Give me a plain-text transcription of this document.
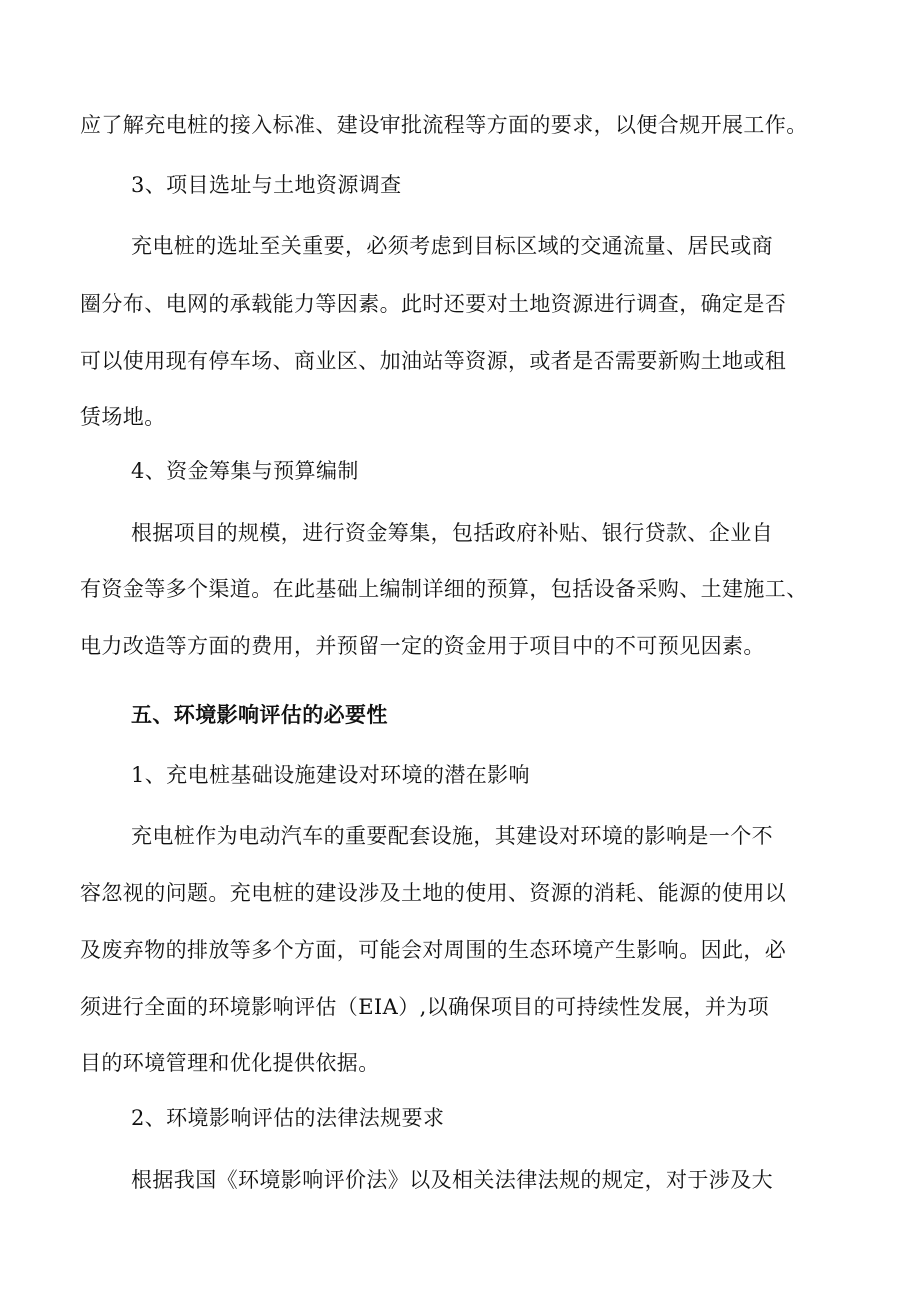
应了解充电桩的接入标准、建设审批流程等方面的要求，以便合规开展工作。
3、项目选址与土地资源调查
充电桩的选址至关重要，必须考虑到目标区域的交通流量、居民或商
圈分布、电网的承载能力等因素。此时还要对土地资源进行调查，确定是否
可以使用现有停车场、商业区、加油站等资源，或者是否需要新购土地或租
赁场地。
4、资金筹集与预算编制
根据项目的规模，进行资金筹集，包括政府补贴、银行贷款、企业自
有资金等多个渠道。在此基础上编制详细的预算，包括设备采购、土建施工、
电力改造等方面的费用，并预留一定的资金用于项目中的不可预见因素。
五、环境影响评估的必要性
1、充电桩基础设施建设对环境的潜在影响
充电桩作为电动汽车的重要配套设施，其建设对环境的影响是一个不
容忽视的问题。充电桩的建设涉及土地的使用、资源的消耗、能源的使用以
及废弃物的排放等多个方面，可能会对周围的生态环境产生影响。因此，必
须进行全面的环境影响评估（EIA）,以确保项目的可持续性发展，并为项
目的环境管理和优化提供依据。
2、环境影响评估的法律法规要求
根据我国《环境影响评价法》以及相关法律法规的规定，对于涉及大
